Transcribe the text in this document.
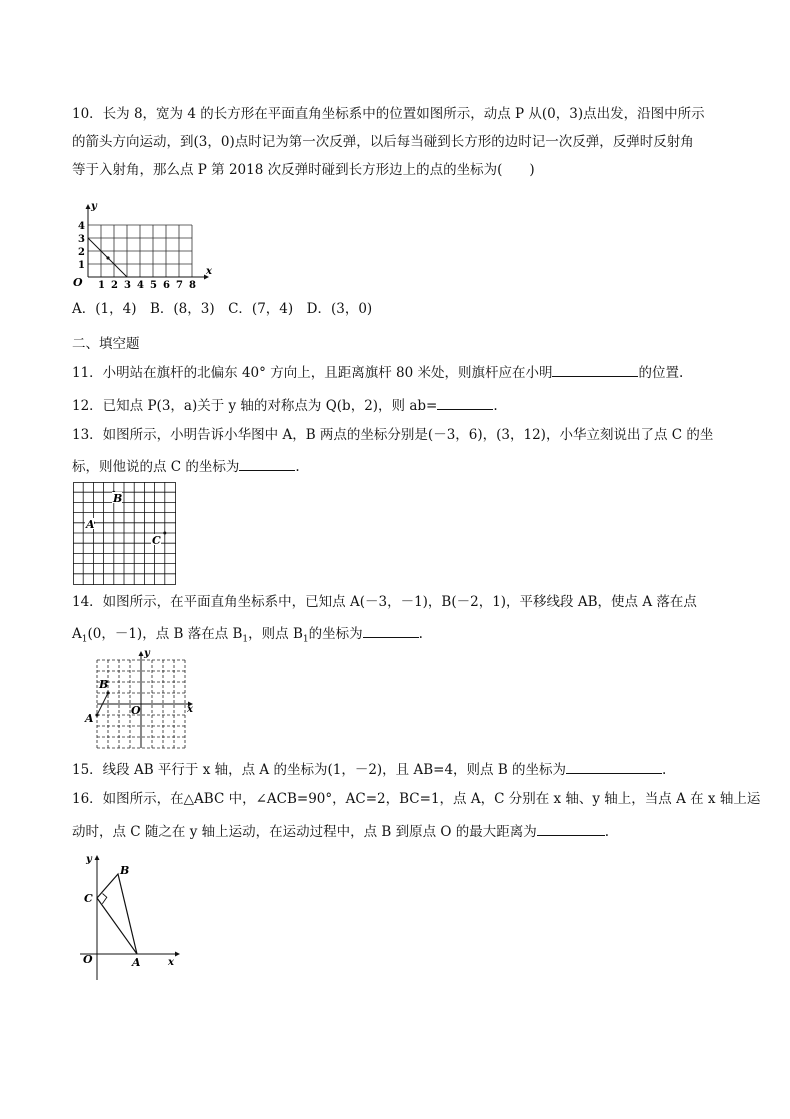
10．长为 8，宽为 4 的长方形在平面直角坐标系中的位置如图所示，动点 P 从(0，3)点出发，沿图中所示
的箭头方向运动，到(3，0)点时记为第一次反弹，以后每当碰到长方形的边时记一次反弹，反弹时反射角
等于入射角，那么点 P 第 2018 次反弹时碰到长方形边上的点的坐标为(　　)
y
x
O
1
2
3
4
1 2 3 4 5 6 7 8
A．(1，4)　B．(8，3)　C．(7，4)　D．(3，0)
二、填空题
11．小明站在旗杆的北偏东 40° 方向上，且距离旗杆 80 米处，则旗杆应在小明	的位置.
12．已知点 P(3，a)关于 y 轴的对称点为 Q(b，2)，则 ab=	.
13．如图所示，小明告诉小华图中 A，B 两点的坐标分别是(－3，6)，(3，12)，小华立刻说出了点 C 的坐
标，则他说的点 C 的坐标为	.
A
B
C
14．如图所示，在平面直角坐标系中，已知点 A(－3，－1)，B(－2，1)，平移线段 AB，使点 A 落在点
$A_1(0$，－1)，点 B 落在点 $B_1$，则点 $B_1$的坐标为	.
y
x
O
A
B
15．线段 AB 平行于 x 轴，点 A 的坐标为(1，－2)，且 AB=4，则点 B 的坐标为	.
16．如图所示，在△ABC 中，∠ACB=90°，AC=2，BC=1，点 A，C 分别在 x 轴、y 轴上，当点 A 在 x 轴上运
动时，点 C 随之在 y 轴上运动，在运动过程中，点 B 到原点 O 的最大距离为	.
y
x
O	A
C
B
